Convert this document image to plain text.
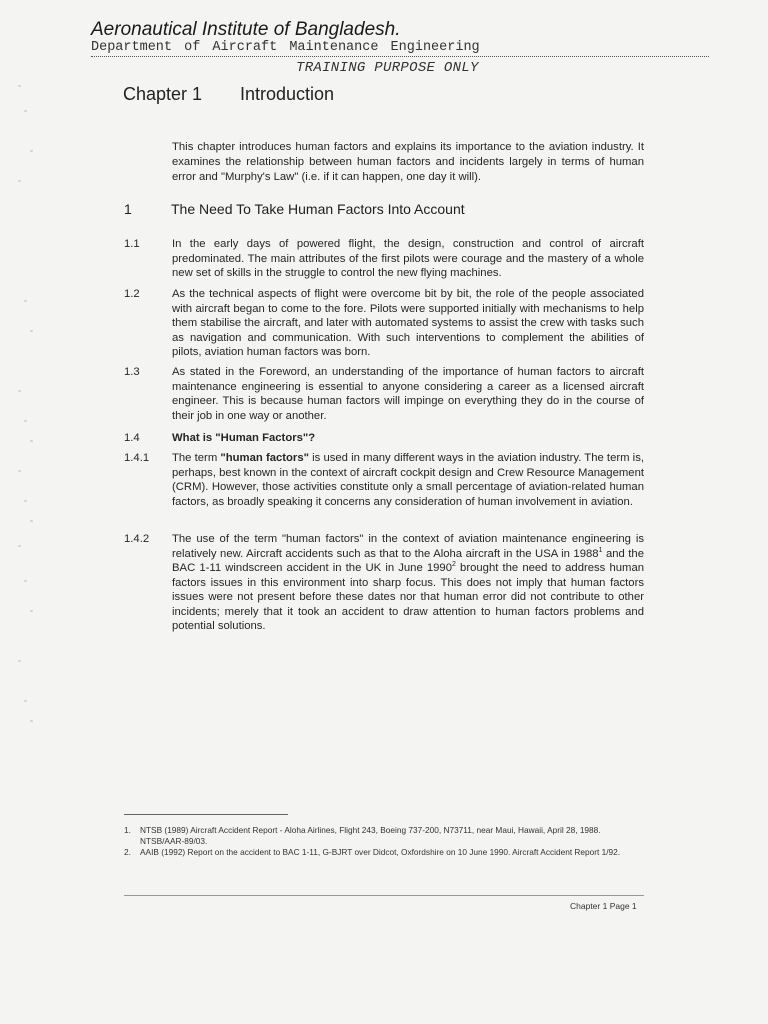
Aeronautical Institute of Bangladesh.
Department of Aircraft Maintenance Engineering
TRAINING PURPOSE ONLY
Chapter 1 Introduction
This chapter introduces human factors and explains its importance to the aviation industry. It examines the relationship between human factors and incidents largely in terms of human error and "Murphy's Law" (i.e. if it can happen, one day it will).
1	The Need To Take Human Factors Into Account
1.1	In the early days of powered flight, the design, construction and control of aircraft predominated. The main attributes of the first pilots were courage and the mastery of a whole new set of skills in the struggle to control the new flying machines.
1.2	As the technical aspects of flight were overcome bit by bit, the role of the people associated with aircraft began to come to the fore. Pilots were supported initially with mechanisms to help them stabilise the aircraft, and later with automated systems to assist the crew with tasks such as navigation and communication. With such interventions to complement the abilities of pilots, aviation human factors was born.
1.3	As stated in the Foreword, an understanding of the importance of human factors to aircraft maintenance engineering is essential to anyone considering a career as a licensed aircraft engineer. This is because human factors will impinge on everything they do in the course of their job in one way or another.
1.4	What is "Human Factors"?
1.4.1 The term "human factors" is used in many different ways in the aviation industry. The term is, perhaps, best known in the context of aircraft cockpit design and Crew Resource Management (CRM). However, those activities constitute only a small percentage of aviation-related human factors, as broadly speaking it concerns any consideration of human involvement in aviation.
1.4.2 The use of the term "human factors" in the context of aviation maintenance engineering is relatively new. Aircraft accidents such as that to the Aloha aircraft in the USA in 1988$^1$ and the BAC 1-11 windscreen accident in the UK in June 1990$^2$ brought the need to address human factors issues in this environment into sharp focus. This does not imply that human factors issues were not present before these dates nor that human error did not contribute to other incidents; merely that it took an accident to draw attention to human factors problems and potential solutions.
1. NTSB (1989) Aircraft Accident Report - Aloha Airlines, Flight 243, Boeing 737-200, N73711, near Maui, Hawaii, April 28, 1988. NTSB/AAR-89/03.
2. AAIB (1992) Report on the accident to BAC 1-11, G-BJRT over Didcot, Oxfordshire on 10 June 1990. Aircraft Accident Report 1/92.
Chapter 1 Page 1
